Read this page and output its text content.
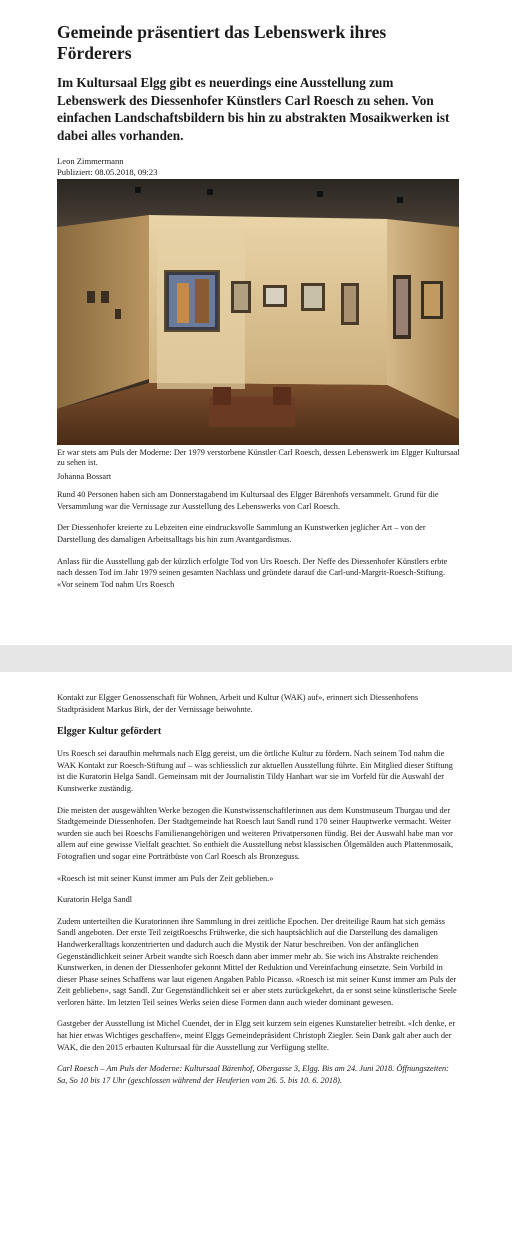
Gemeinde präsentiert das Lebenswerk ihres Förderers
Im Kultursaal Elgg gibt es neuerdings eine Ausstellung zum Lebenswerk des Diessenhofer Künstlers Carl Roesch zu sehen. Von einfachen Landschaftsbildern bis hin zu abstrakten Mosaikwerken ist dabei alles vorhanden.
Leon Zimmermann
Publiziert: 08.05.2018, 09:23
Er war stets am Puls der Moderne: Der 1979 verstorbene Künstler Carl Roesch, dessen Lebenswerk im Elgger Kultursaal zu sehen ist.
Johanna Bossart

Rund 40 Personen haben sich am Donnerstagabend im Kultursaal des Elgger Bärenhofs versammelt. Grund für die Versammlung war die Vernissage zur Ausstellung des Lebenswerks von Carl Roesch.

Der Diessenhofer kreierte zu Lebzeiten eine eindrucksvolle Sammlung an Kunstwerken jeglicher Art – von der Darstellung des damaligen Arbeitsalltags bis hin zum Avantgardismus.

Anlass für die Ausstellung gab der kürzlich erfolgte Tod von Urs Roesch. Der Neffe des Diessenhofer Künstlers erbte nach dessen Tod im Jahr 1979 seinen gesamten Nachlass und gründete darauf die Carl-und-Margrit-Roesch-Stiftung. «Vor seinem Tod nahm Urs Roesch

Kontakt zur Elgger Genossenschaft für Wohnen, Arbeit und Kultur (WAK) auf», erinnert sich Diessenhofens Stadtpräsident Markus Birk, der der Vernissage beiwohnte.

Elgger Kultur gefördert

Urs Roesch sei daraufhin mehrmals nach Elgg gereist, um die örtliche Kultur zu fördern. Nach seinem Tod nahm die WAK Kontakt zur Roesch-Stiftung auf – was schliesslich zur aktuellen Ausstellung führte. Ein Mitglied dieser Stiftung ist die Kuratorin Helga Sandl. Gemeinsam mit der Journalistin Tildy Hanhart war sie im Vorfeld für die Auswahl der Kunstwerke zuständig.

Die meisten der ausgewählten Werke bezogen die Kunstwissenschaftlerinnen aus dem Kunstmuseum Thurgau und der Stadtgemeinde Diessenhofen. Der Stadtgemeinde hat Roesch laut Sandl rund 170 seiner Hauptwerke vermacht. Weiter wurden sie auch bei Roeschs Familienangehörigen und weiteren Privatpersonen fündig. Bei der Auswahl habe man vor allem auf eine gewisse Vielfalt geachtet. So enthielt die Ausstellung nebst klassischen Ölgemälden auch Plattenmosaik, Fotografien und sogar eine Porträtbüste von Carl Roesch als Bronzeguss.

«Roesch ist mit seiner Kunst immer am Puls der Zeit geblieben.»

Kuratorin Helga Sandl

Zudem unterteilten die Kuratorinnen ihre Sammlung in drei zeitliche Epochen. Der dreiteilige Raum hat sich gemäss Sandl angeboten. Der erste Teil zeigtRoeschs Frühwerke, die sich hauptsächlich auf die Darstellung des damaligen Handwerkeralltags konzentrierten und dadurch auch die Mystik der Natur beschreiben. Von der anfänglichen Gegenständlichkeit seiner Arbeit wandte sich Roesch dann aber immer mehr ab. Sie wich ins Abstrakte reichenden Kunstwerken, in denen der Diessenhofer gekonnt Mittel der Reduktion und Vereinfachung einsetzte. Sein Vorbild in dieser Phase seines Schaffens war laut eigenen Angaben Pablo Picasso. «Roesch ist mit seiner Kunst immer am Puls der Zeit geblieben», sagt Sandl. Zur Gegenständlichkeit sei er aber stets zurückgekehrt, da er sonst seine künstlerische Seele verloren hätte. Im letzten Teil seines Werks seien diese Formen dann auch wieder dominant gewesen.

Gastgeber der Ausstellung ist Michel Cuendet, der in Elgg seit kurzem sein eigenes Kunstatelier betreibt. «Ich denke, er hat hier etwas Wichtiges geschaffen», meint Elggs Gemeindepräsident Christoph Ziegler. Sein Dank galt aber auch der WAK, die den 2015 erbauten Kultursaal für die Ausstellung zur Verfügung stellte.

Carl Roesch – Am Puls der Moderne: Kultursaal Bärenhof, Obergasse 3, Elgg. Bis am 24. Juni 2018. Öffnungszeiten: Sa, So 10 bis 17 Uhr (geschlossen während der Heuferien vom 26. 5. bis 10. 6. 2018).
